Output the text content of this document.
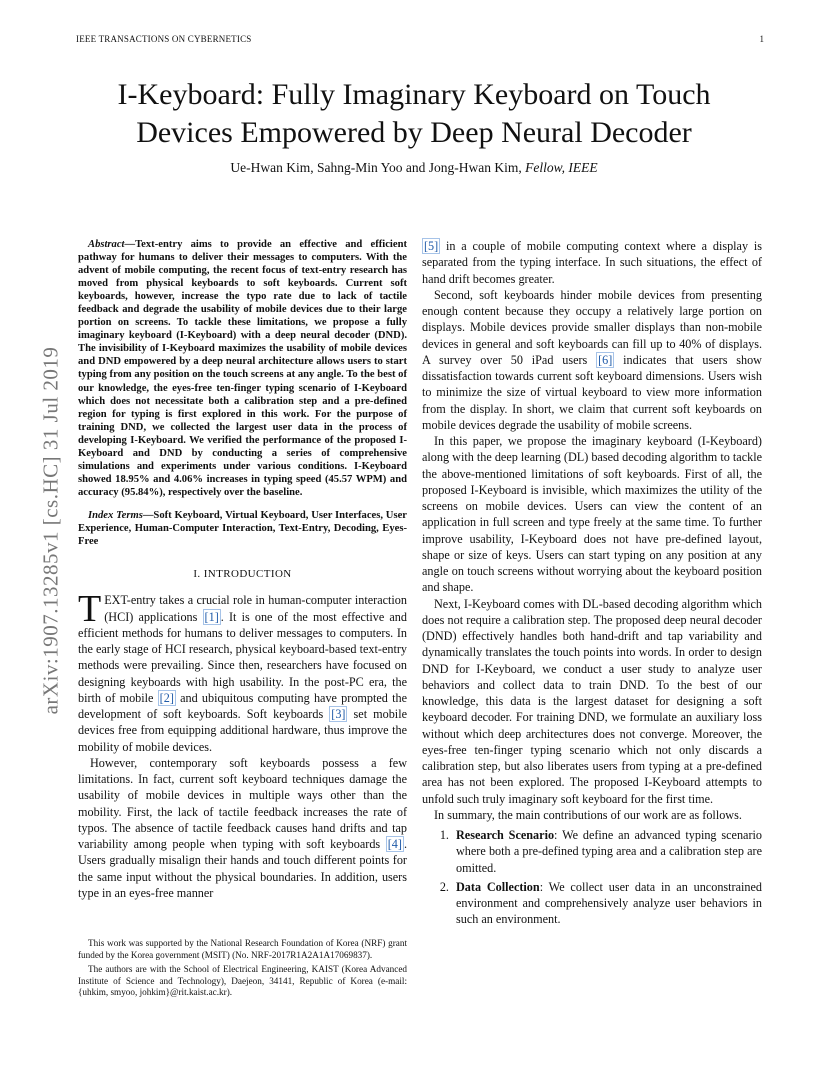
IEEE TRANSACTIONS ON CYBERNETICS	1
arXiv:1907.13285v1 [cs.HC] 31 Jul 2019
I-Keyboard: Fully Imaginary Keyboard on Touch Devices Empowered by Deep Neural Decoder
Ue-Hwan Kim, Sahng-Min Yoo and Jong-Hwan Kim, Fellow, IEEE

Abstract—Text-entry aims to provide an effective and efficient pathway for humans to deliver their messages to computers. With the advent of mobile computing, the recent focus of text-entry research has moved from physical keyboards to soft keyboards. Current soft keyboards, however, increase the typo rate due to lack of tactile feedback and degrade the usability of mobile devices due to their large portion on screens. To tackle these limitations, we propose a fully imaginary keyboard (I-Keyboard) with a deep neural decoder (DND). The invisibility of I-Keyboard maximizes the usability of mobile devices and DND empowered by a deep neural architecture allows users to start typing from any position on the touch screens at any angle. To the best of our knowledge, the eyes-free ten-finger typing scenario of I-Keyboard which does not necessitate both a calibration step and a pre-defined region for typing is first explored in this work. For the purpose of training DND, we collected the largest user data in the process of developing I-Keyboard. We verified the performance of the proposed I-Keyboard and DND by conducting a series of comprehensive simulations and experiments under various conditions. I-Keyboard showed 18.95% and 4.06% increases in typing speed (45.57 WPM) and accuracy (95.84%), respectively over the baseline.

Index Terms—Soft Keyboard, Virtual Keyboard, User Interfaces, User Experience, Human-Computer Interaction, Text-Entry, Decoding, Eyes-Free

I. INTRODUCTION

TEXT-entry takes a crucial role in human-computer interaction (HCI) applications [1] . It is one of the most effective and efficient methods for humans to deliver messages to computers. In the early stage of HCI research, physical keyboard-based text-entry methods were prevailing. Since then, researchers have focused on designing keyboards with high usability. In the post-PC era, the birth of mobile [2] and ubiquitous computing have prompted the development of soft keyboards. Soft keyboards [3] set mobile devices free from equipping additional hardware, thus improve the mobility of mobile devices.

However, contemporary soft keyboards possess a few limitations. In fact, current soft keyboard techniques damage the usability of mobile devices in multiple ways other than the mobility. First, the lack of tactile feedback increases the rate of typos. The absence of tactile feedback causes hand drifts and tap variability among people when typing with soft keyboards [4] . Users gradually misalign their hands and touch different points for the same input without the physical boundaries. In addition, users type in an eyes-free manner

This work was supported by the National Research Foundation of Korea (NRF) grant funded by the Korea government (MSIT) (No. NRF-2017R1A2A1A17069837).

The authors are with the School of Electrical Engineering, KAIST (Korea Advanced Institute of Science and Technology), Daejeon, 34141, Republic of Korea (e-mail: {uhkim, smyoo, johkim}@rit.kaist.ac.kr).

[5] in a couple of mobile computing context where a display is separated from the typing interface. In such situations, the effect of hand drift becomes greater.

Second, soft keyboards hinder mobile devices from presenting enough content because they occupy a relatively large portion on displays. Mobile devices provide smaller displays than non-mobile devices in general and soft keyboards can fill up to 40% of displays. A survey over 50 iPad users [6] indicates that users show dissatisfaction towards current soft keyboard dimensions. Users wish to minimize the size of virtual keyboard to view more information from the display. In short, we claim that current soft keyboards on mobile devices degrade the usability of mobile screens.

In this paper, we propose the imaginary keyboard (I-Keyboard) along with the deep learning (DL) based decoding algorithm to tackle the above-mentioned limitations of soft keyboards. First of all, the proposed I-Keyboard is invisible, which maximizes the utility of the screens on mobile devices. Users can view the content of an application in full screen and type freely at the same time. To further improve usability, I-Keyboard does not have pre-defined layout, shape or size of keys. Users can start typing on any position at any angle on touch screens without worrying about the keyboard position and shape.

Next, I-Keyboard comes with DL-based decoding algorithm which does not require a calibration step. The proposed deep neural decoder (DND) effectively handles both hand-drift and tap variability and dynamically translates the touch points into words. In order to design DND for I-Keyboard, we conduct a user study to analyze user behaviors and collect data to train DND. To the best of our knowledge, this data is the largest dataset for designing a soft keyboard decoder. For training DND, we formulate an auxiliary loss without which deep architectures does not converge. Moreover, the eyes-free ten-finger typing scenario which not only discards a calibration step, but also liberates users from typing at a pre-defined area has not been explored. The proposed I-Keyboard attempts to unfold such truly imaginary soft keyboard for the first time.

In summary, the main contributions of our work are as follows.

1. Research Scenario: We define an advanced typing scenario where both a pre-defined typing area and a calibration step are omitted.
2. Data Collection: We collect user data in an unconstrained environment and comprehensively analyze user behaviors in such an environment.
